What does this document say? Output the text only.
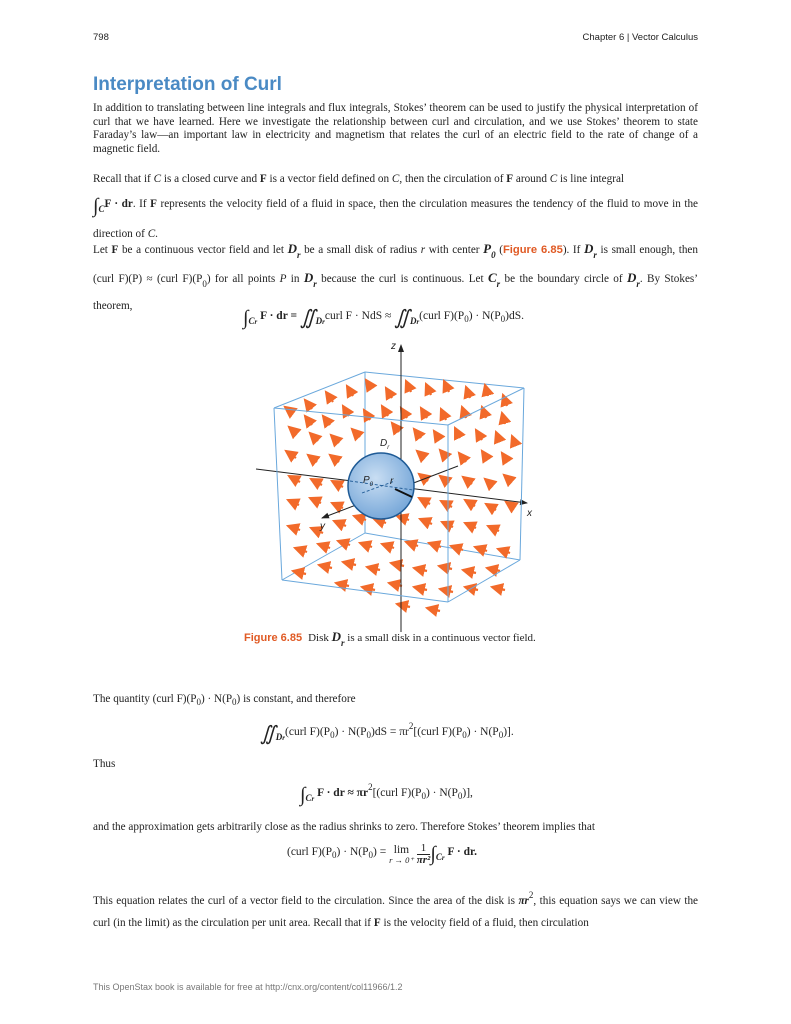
798	Chapter 6 | Vector Calculus
Interpretation of Curl

In addition to translating between line integrals and flux integrals, Stokes’ theorem can be used to justify the physical interpretation of curl that we have learned. Here we investigate the relationship between curl and circulation, and we use Stokes’ theorem to state Faraday’s law—an important law in electricity and magnetism that relates the curl of an electric field to the rate of change of a magnetic field.

Recall that if C is a closed curve and F is a vector field defined on C, then the circulation of F around C is line integral
$\int_CF$ · dr. If F represents the velocity field of a fluid in space, then the circulation measures the tendency of the fluid to move in the direction of C.

Let F be a continuous vector field and let $D_r$ be a small disk of radius r with center $P_0$ (Figure 6.85). If $D_r$ is small enough, then (curl F)(P) ≈ (curl $F)(P_0)$ for all points P in $D_r$ because the curl is continuous. Let $C_r$ be the boundary circle of $D_r$. By Stokes’ theorem,

$\int_{Cr}$ F · dr = $∬_{Dr}curl$ F · NdS ≈ $∬_{Dr}(curl$ $F)(P_0) \cdot N(P_0)dS$.
z
x
y
$D_r$
$P_0$ r
Figure 6.85 Disk $D_r$ is a small disk in a continuous vector field.

The quantity (curl $F)(P_0) \cdot N(P_0)$ is constant, and therefore

$∬_{Dr}(curl$ $F)(P_0) \cdot N(P_0)dS$ = $\pi r^2[(curl$ $F)(P_0) \cdot N(P_0)$].

Thus

$\int_{Cr}$ F · dr ≈ $\pi r^2[(curl$ $F)(P_0) \cdot N(P_0)$],

and the approximation gets arbitrarily close as the radius shrinks to zero. Therefore Stokes’ theorem implies that

(curl $F)(P_0) \cdot N(P_0) = \lim$
r → 0⁺
$\frac{1}{\text{πr²}} \int_{Cr}$ F · dr.

This equation relates the curl of a vector field to the circulation. Since the area of the disk is $\pi r^2$, this equation says we can view the curl (in the limit) as the circulation per unit area. Recall that if F is the velocity field of a fluid, then circulation

This OpenStax book is available for free at http://cnx.org/content/col11966/1.2
